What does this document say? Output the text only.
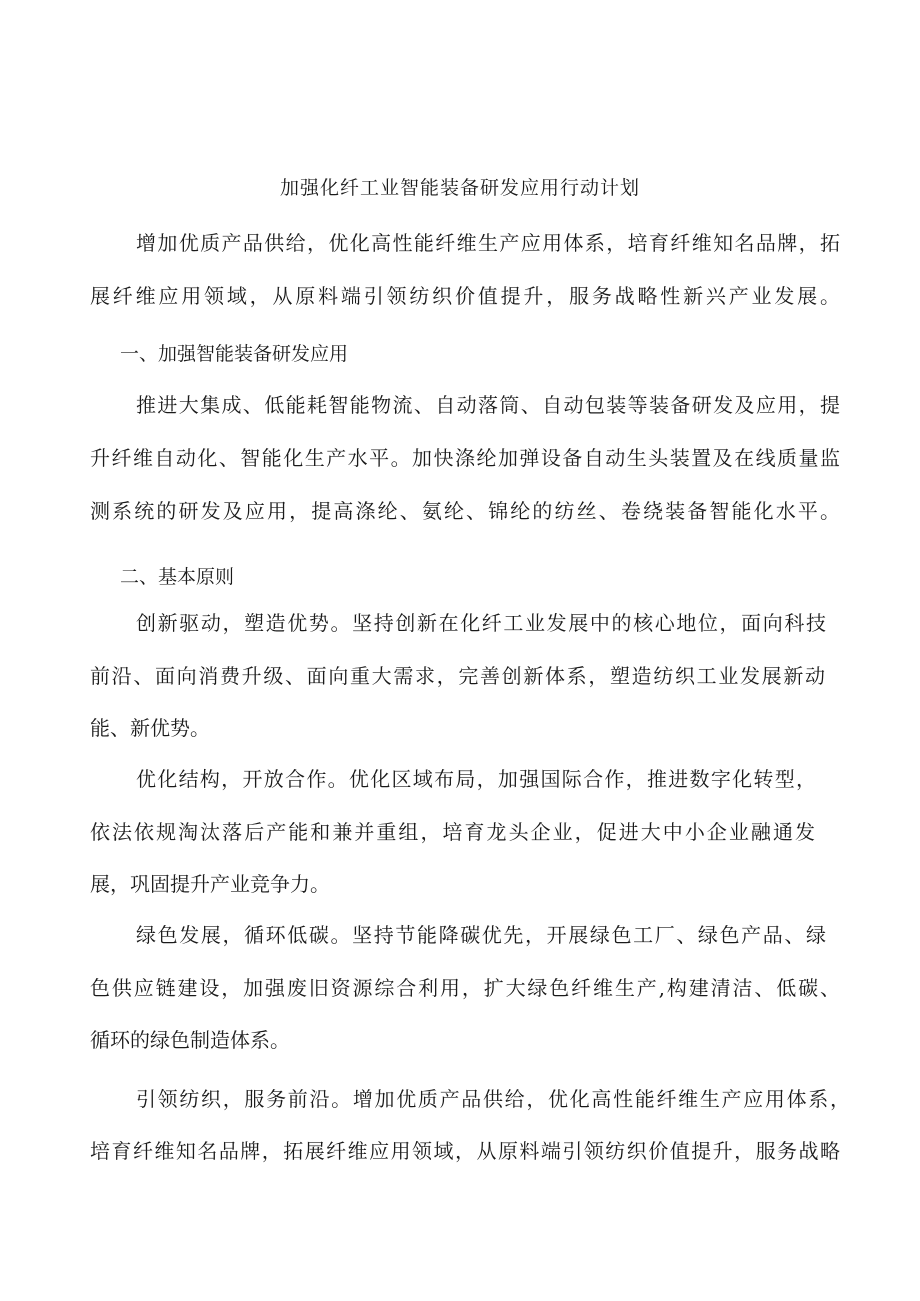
加强化纤工业智能装备研发应用行动计划
增加优质产品供给，优化高性能纤维生产应用体系，培育纤维知名品牌，拓
展纤维应用领域，从原料端引领纺织价值提升，服务战略性新兴产业发展。
一、加强智能装备研发应用
推进大集成、低能耗智能物流、自动落筒、自动包装等装备研发及应用，提
升纤维自动化、智能化生产水平。加快涤纶加弹设备自动生头装置及在线质量监
测系统的研发及应用，提高涤纶、氨纶、锦纶的纺丝、卷绕装备智能化水平。
二、基本原则
创新驱动，塑造优势。坚持创新在化纤工业发展中的核心地位，面向科技
前沿、面向消费升级、面向重大需求，完善创新体系，塑造纺织工业发展新动
能、新优势。
优化结构，开放合作。优化区域布局，加强国际合作，推进数字化转型，
依法依规淘汰落后产能和兼并重组，培育龙头企业，促进大中小企业融通发
展，巩固提升产业竞争力。
绿色发展，循环低碳。坚持节能降碳优先，开展绿色工厂、绿色产品、绿
色供应链建设，加强废旧资源综合利用，扩大绿色纤维生产,构建清洁、低碳、
循环的绿色制造体系。
引领纺织，服务前沿。增加优质产品供给，优化高性能纤维生产应用体系，
培育纤维知名品牌，拓展纤维应用领域，从原料端引领纺织价值提升，服务战略
